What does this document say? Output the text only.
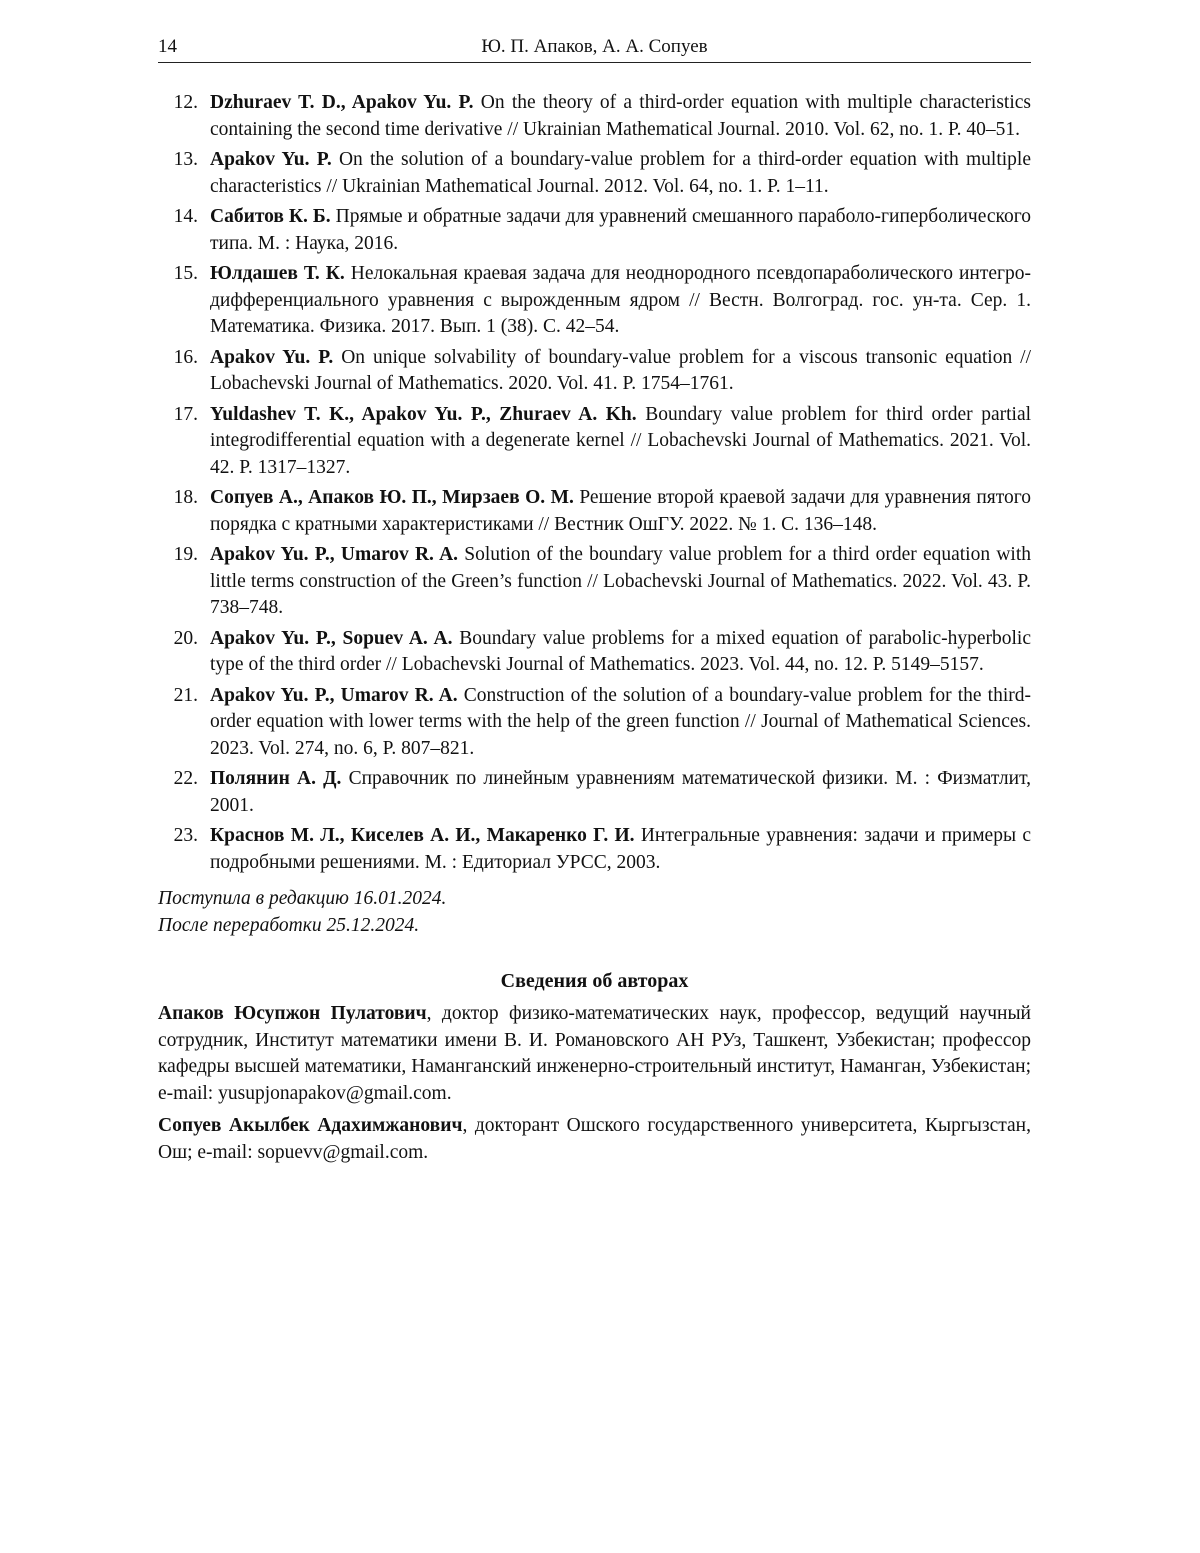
14	Ю. П. Апаков, А. А. Сопуев
12. Dzhuraev T. D., Apakov Yu. P. On the theory of a third-order equation with multiple characteristics containing the second time derivative // Ukrainian Mathematical Journal. 2010. Vol. 62, no. 1. P. 40–51.
13. Apakov Yu. P. On the solution of a boundary-value problem for a third-order equation with multiple characteristics // Ukrainian Mathematical Journal. 2012. Vol. 64, no. 1. P. 1–11.
14. Сабитов К. Б. Прямые и обратные задачи для уравнений смешанного параболо-гиперболического типа. М. : Наука, 2016.
15. Юлдашев Т. К. Нелокальная краевая задача для неоднородного псевдопараболического интегро-дифференциального уравнения с вырожденным ядром // Вестн. Волгоград. гос. ун-та. Сер. 1. Математика. Физика. 2017. Вып. 1 (38). С. 42–54.
16. Apakov Yu. P. On unique solvability of boundary-value problem for a viscous transonic equation // Lobachevski Journal of Mathematics. 2020. Vol. 41. P. 1754–1761.
17. Yuldashev T. K., Apakov Yu. P., Zhuraev A. Kh. Boundary value problem for third order partial integrodifferential equation with a degenerate kernel // Lobachevski Journal of Mathematics. 2021. Vol. 42. P. 1317–1327.
18. Сопуев А., Апаков Ю. П., Мирзаев О. М. Решение второй краевой задачи для уравнения пятого порядка с кратными характеристиками // Вестник ОшГУ. 2022. № 1. С. 136–148.
19. Apakov Yu. P., Umarov R. A. Solution of the boundary value problem for a third order equation with little terms construction of the Green’s function // Lobachevski Journal of Mathematics. 2022. Vol. 43. P. 738–748.
20. Apakov Yu. P., Sopuev A. A. Boundary value problems for a mixed equation of parabolic-hyperbolic type of the third order // Lobachevski Journal of Mathematics. 2023. Vol. 44, no. 12. P. 5149–5157.
21. Apakov Yu. P., Umarov R. A. Construction of the solution of a boundary-value problem for the third-order equation with lower terms with the help of the green function // Journal of Mathematical Sciences. 2023. Vol. 274, no. 6, P. 807–821.
22. Полянин А. Д. Справочник по линейным уравнениям математической физики. М. : Физматлит, 2001.
23. Краснов М. Л., Киселев А. И., Макаренко Г. И. Интегральные уравнения: задачи и примеры с подробными решениями. М. : Едиториал УРСС, 2003.
Поступила в редакцию 16.01.2024.
После переработки 25.12.2024.
Сведения об авторах
Апаков Юсупжон Пулатович, доктор физико-математических наук, профессор, ведущий научный сотрудник, Институт математики имени В. И. Романовского АН РУз, Ташкент, Узбекистан; профессор кафедры высшей математики, Наманганский инженерно-строительный институт, Наманган, Узбекистан; e-mail: yusupjonapakov@gmail.com.
Сопуев Акылбек Адахимжанович, докторант Ошского государственного университета, Кыргызстан, Ош; e-mail: sopuevv@gmail.com.
